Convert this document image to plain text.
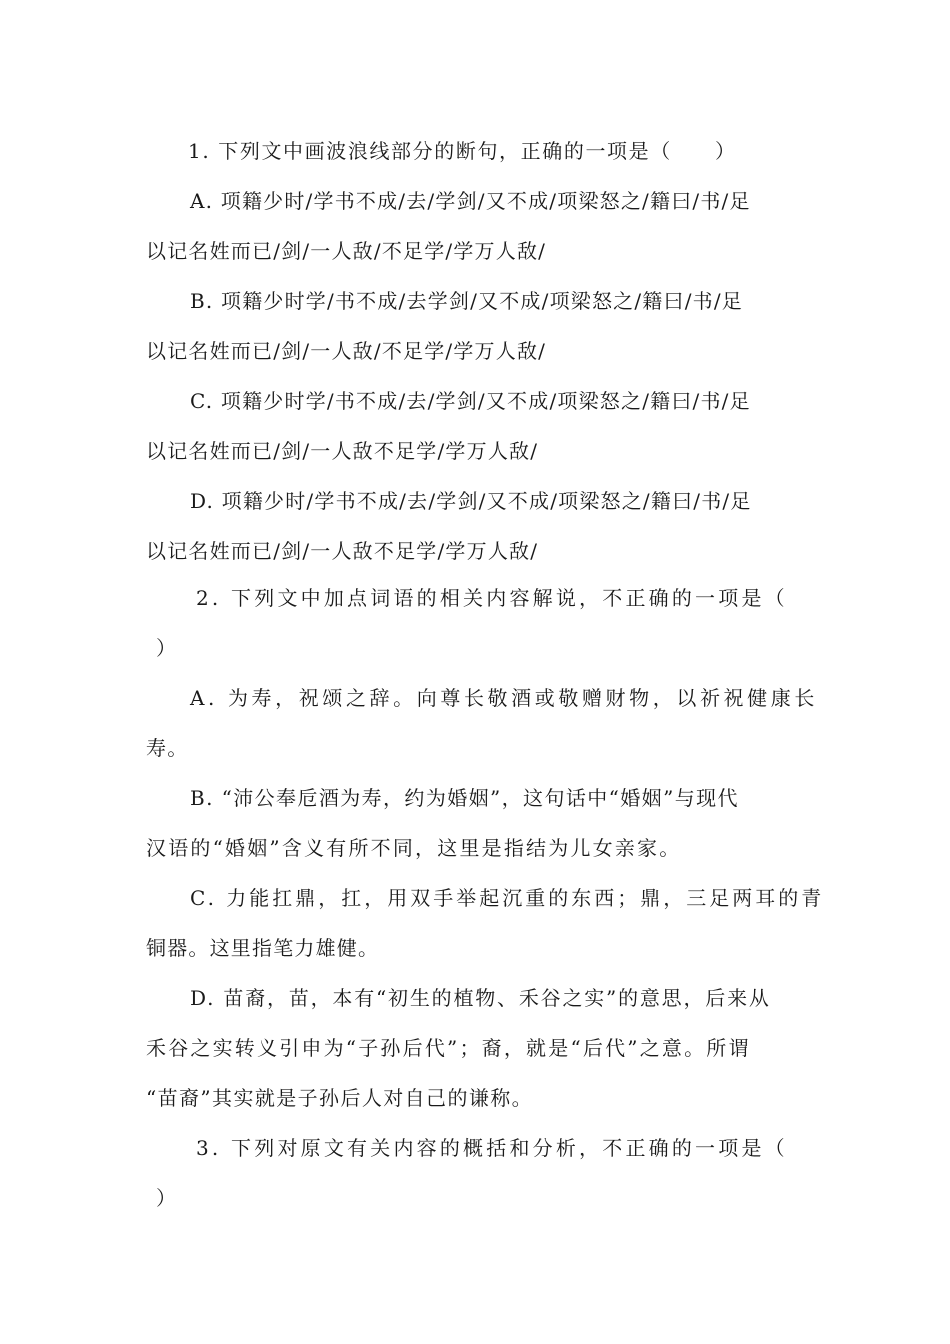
1. 下列文中画波浪线部分的断句，正确的一项是（　　）
A. 项籍少时/学书不成/去/学剑/又不成/项梁怒之/籍曰/书/足
以记名姓而已/剑/一人敌/不足学/学万人敌/
B. 项籍少时学/书不成/去学剑/又不成/项梁怒之/籍曰/书/足
以记名姓而已/剑/一人敌/不足学/学万人敌/
C. 项籍少时学/书不成/去/学剑/又不成/项梁怒之/籍曰/书/足
以记名姓而已/剑/一人敌不足学/学万人敌/
D. 项籍少时/学书不成/去/学剑/又不成/项梁怒之/籍曰/书/足
以记名姓而已/剑/一人敌不足学/学万人敌/
2. 下列文中加点词语的相关内容解说，不正确的一项是（
）
A. 为寿，祝颂之辞。向尊长敬酒或敬赠财物，以祈祝健康长
寿。
B. “沛公奉卮酒为寿，约为婚姻”，这句话中“婚姻”与现代
汉语的“婚姻”含义有所不同，这里是指结为儿女亲家。
C. 力能扛鼎，扛，用双手举起沉重的东西；鼎，三足两耳的青
铜器。这里指笔力雄健。
D. 苗裔，苗，本有“初生的植物、禾谷之实”的意思，后来从
禾谷之实转义引申为“子孙后代”；裔，就是“后代”之意。所谓
“苗裔”其实就是子孙后人对自己的谦称。
3. 下列对原文有关内容的概括和分析，不正确的一项是（
）
